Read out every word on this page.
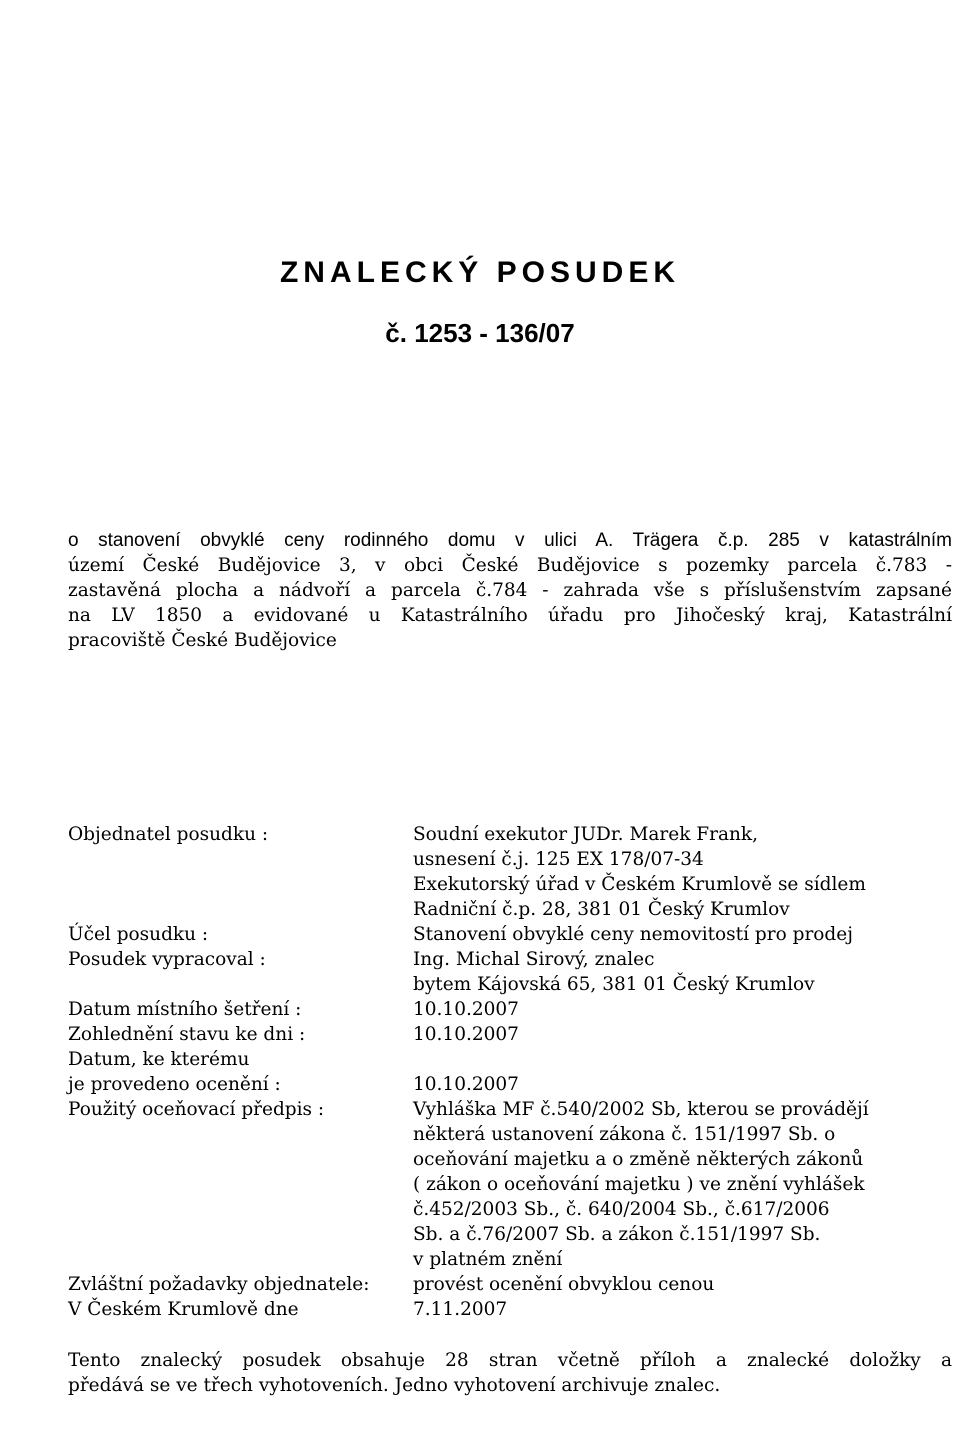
ZNALECKÝ POSUDEK
č. 1253 - 136/07

o stanovení obvyklé ceny rodinného domu v ulici A. Trägera č.p. 285 v katastrálním
území České Budějovice 3, v obci České Budějovice s pozemky parcela č.783 -
zastavěná plocha a nádvoří a parcela č.784 - zahrada vše s příslušenstvím zapsané
na LV 1850 a evidované u Katastrálního úřadu pro Jihočeský kraj, Katastrální
pracoviště České Budějovice

Objednatel posudku :	Soudní exekutor JUDr. Marek Frank,
usnesení č.j. 125 EX 178/07-34
Exekutorský úřad v Českém Krumlově se sídlem
Radniční č.p. 28, 381 01 Český Krumlov
Účel posudku :	Stanovení obvyklé ceny nemovitostí pro prodej
Posudek vypracoval :	Ing. Michal Sirový, znalec
bytem Kájovská 65, 381 01 Český Krumlov
Datum místního šetření :	10.10.2007
Zohlednění stavu ke dni :	10.10.2007
Datum, ke kterému

je provedeno ocenění :	10.10.2007
Použitý oceňovací předpis :	Vyhláška MF č.540/2002 Sb, kterou se provádějí
některá ustanovení zákona č. 151/1997 Sb. o
oceňování majetku a o změně některých zákonů
( zákon o oceňování majetku ) ve znění vyhlášek
č.452/2003 Sb., č. 640/2004 Sb., č.617/2006
Sb. a č.76/2007 Sb. a zákon č.151/1997 Sb.
v platném znění
Zvláštní požadavky objednatele:	provést ocenění obvyklou cenou
V Českém Krumlově dne	7.11.2007
Tento znalecký posudek obsahuje 28 stran včetně příloh a znalecké doložky a
předává se ve třech vyhotoveních. Jedno vyhotovení archivuje znalec.
